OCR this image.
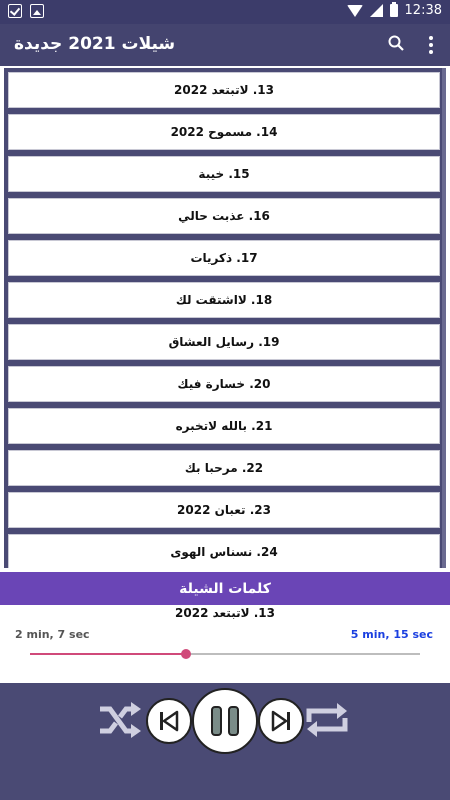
12:38
شيلات 2021 جديدة
13. لاتبتعد 2022
14. مسموح 2022
15. خيبة
16. عذبت حالي
17. ذكريات
18. لااشتقت لك
19. رسايل العشاق
20. خسارة فيك
21. بالله لاتخبره
22. مرحبا بك
23. تعبان 2022
24. نسناس الهوى
كلمات الشيلة
13. لاتبتعد 2022
2 min, 7 sec	5 min, 15 sec
